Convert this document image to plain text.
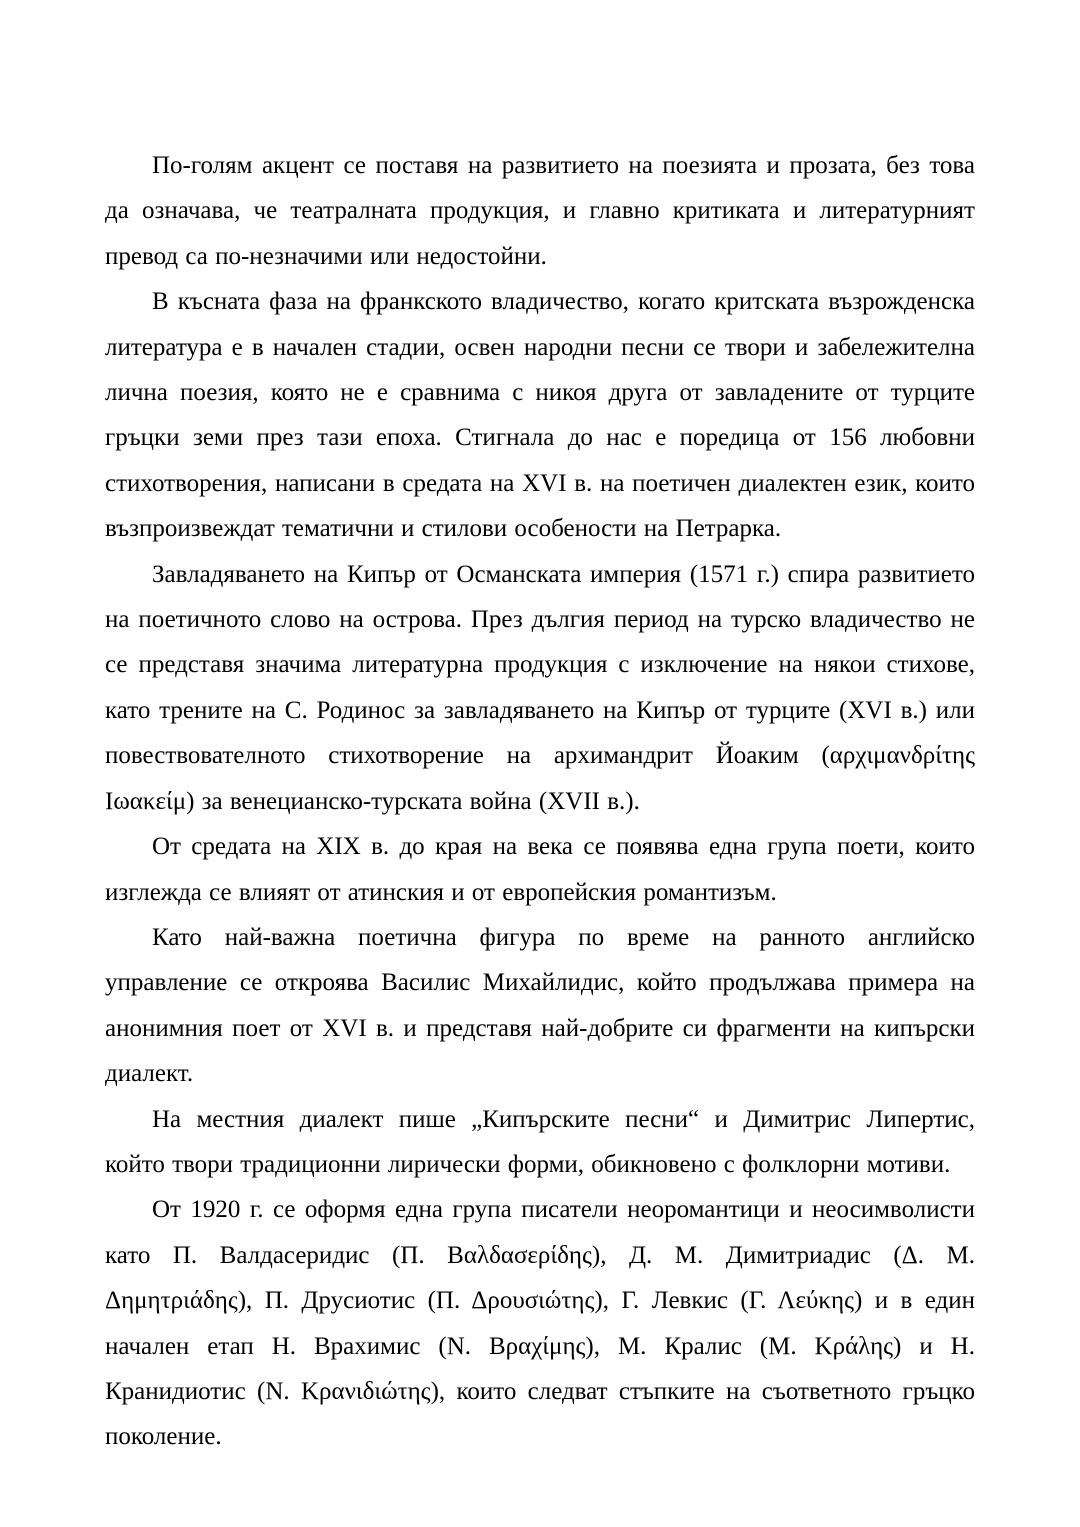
По-голям акцент се поставя на развитието на поезията и прозата, без това да означава, че театралната продукция, и главно критиката и литературният превод са по-незначими или недостойни.

В късната фаза на франкското владичество, когато критската възрожденска литература е в начален стадии, освен народни песни се твори и забележителна лична поезия, която не е сравнима с никоя друга от завладените от турците гръцки земи през тази епоха. Стигнала до нас е поредица от 156 любовни стихотворения, написани в средата на XVI в. на поетичен диалектен език, които възпроизвеждат тематични и стилови особености на Петрарка.

Завладяването на Кипър от Османската империя (1571 г.) спира развитието на поетичното слово на острова. През дългия период на турско владичество не се представя значима литературна продукция с изключение на някои стихове, като трените на С. Родинос за завладяването на Кипър от турците (XVI в.) или повествователното стихотворение на архимандрит Йоаким (αρχιμανδρίτης Ιωακείμ) за венецианско-турската война (XVII в.).

От средата на XIX в. до края на века се появява една група поети, които изглежда се влияят от атинския и от европейския романтизъм.

Като най-важна поетична фигура по време на ранното английско управление се откроява Василис Михайлидис, който продължава примера на анонимния поет от XVI в. и представя най-добрите си фрагменти на кипърски диалект.

На местния диалект пише „Кипърските песни“ и Димитрис Липертис, който твори традиционни лирически форми, обикновено с фолклорни мотиви.

От 1920 г. се оформя една група писатели неоромантици и неосимволисти като П. Валдасеридис (Π. Βαλδασερίδης), Д. М. Димитриадис (Δ. Μ. Δημητριάδης), П. Друсиотис (Π. Δρουσιώτης), Г. Левкис (Γ. Λεύκης) и в един начален етап Н. Врахимис (Ν. Βραχίμης), М. Кралис (Μ. Κράλης) и Н. Кранидиотис (Ν. Κρανιδιώτης), които следват стъпките на съответното гръцко поколение.
